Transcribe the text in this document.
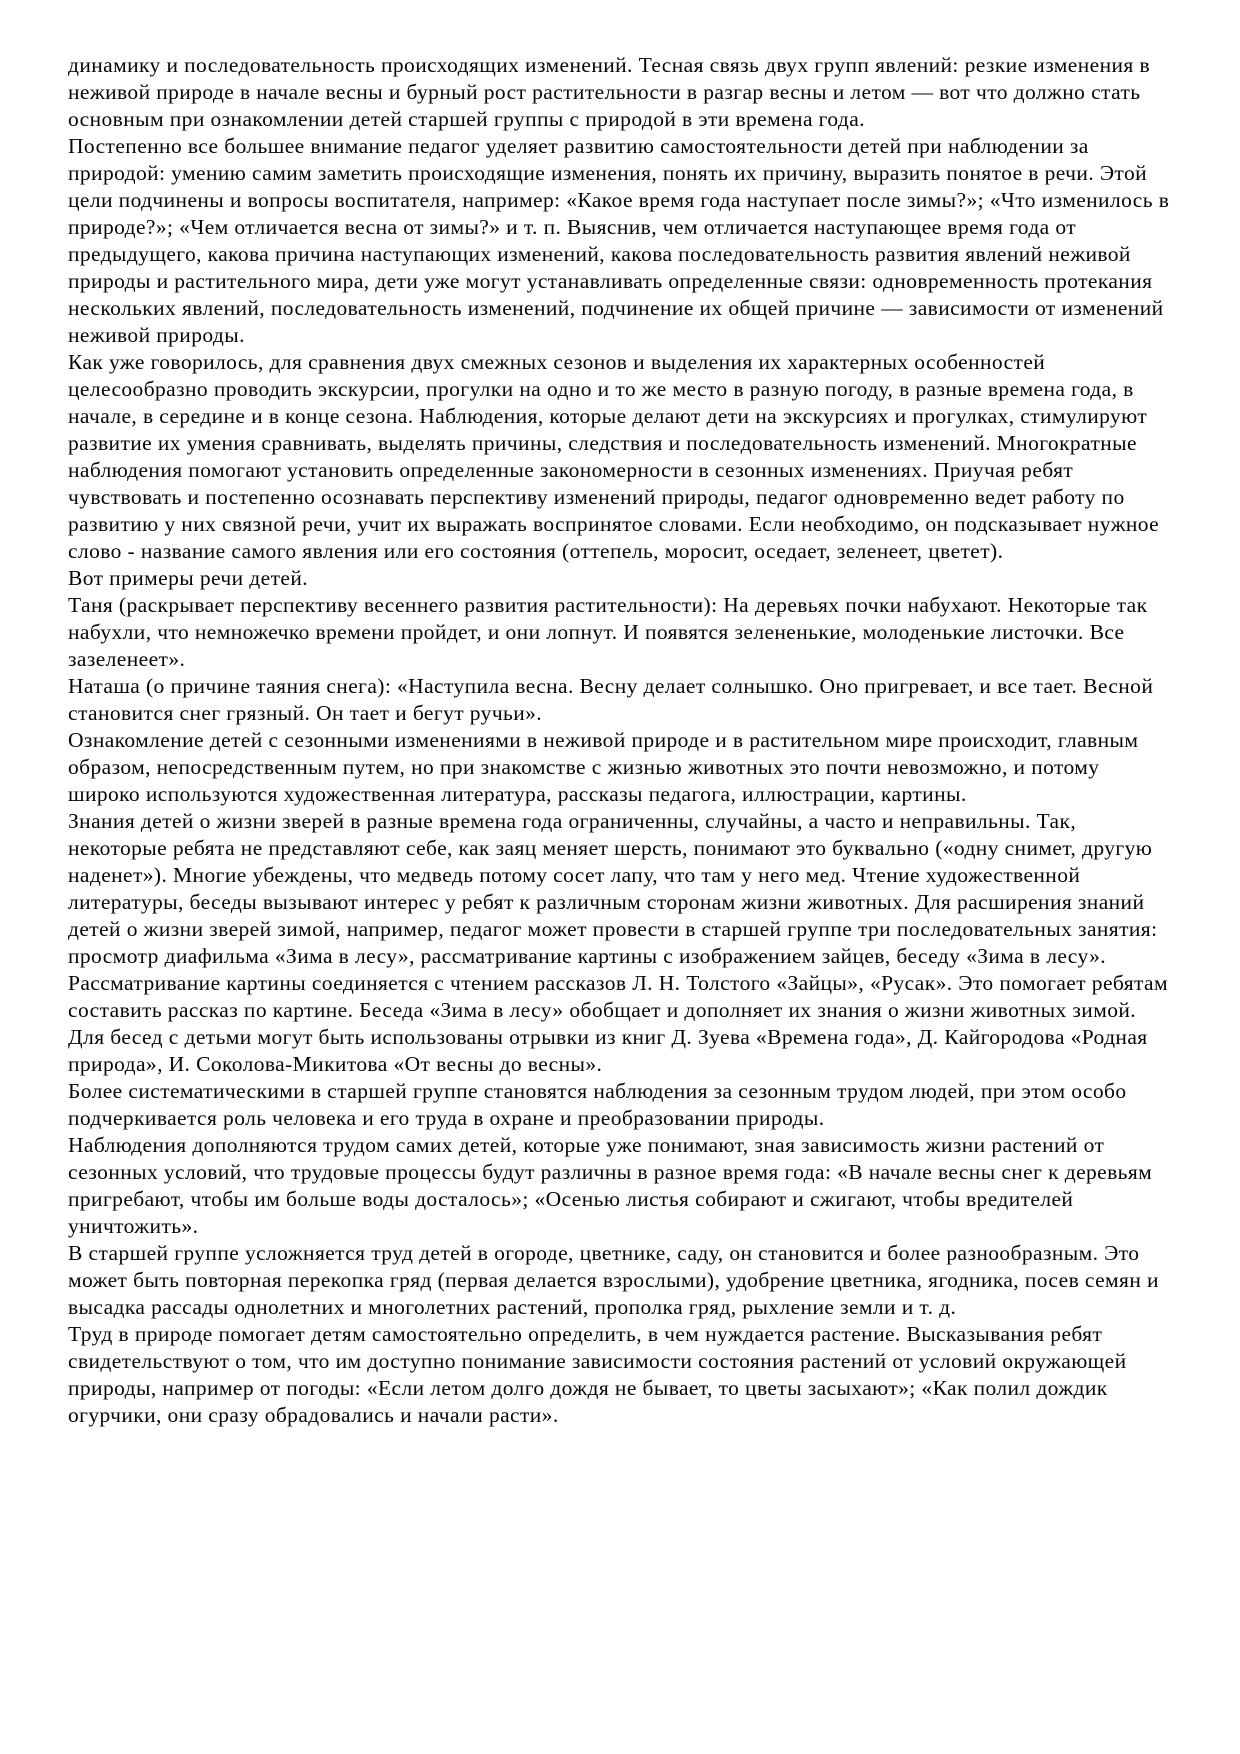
динамику и последовательность происходящих изменений. Тесная связь двух групп явлений: резкие изменения в неживой природе в начале весны и бурный рост растительности в разгар весны и летом — вот что должно стать основным при ознакомлении детей старшей группы с природой в эти времена года.

Постепенно все большее внимание педагог уделяет развитию самостоятельности детей при наблюдении за природой: умению самим заметить происходящие изменения, понять их причину, выразить понятое в речи. Этой цели подчинены и вопросы воспитателя, например: «Какое время года наступает после зимы?»; «Что изменилось в природе?»; «Чем отличается весна от зимы?» и т. п. Выяснив, чем отличается наступающее время года от предыдущего, какова причина наступающих изменений, какова последовательность развития явлений неживой природы и растительного мира, дети уже могут устанавливать определенные связи: одновременность протекания нескольких явлений, последовательность изменений, подчинение их общей причине — зависимости от изменений неживой природы.

Как уже говорилось, для сравнения двух смежных сезонов и выделения их характерных особенностей целесообразно проводить экскурсии, прогулки на одно и то же место в разную погоду, в разные времена года, в начале, в середине и в конце сезона. Наблюдения, которые делают дети на экскурсиях и прогулках, стимулируют развитие их умения сравнивать, выделять причины, следствия и последовательность изменений. Многократные наблюдения помогают установить определенные закономерности в сезонных изменениях. Приучая ребят чувствовать и постепенно осознавать перспективу изменений природы, педагог одновременно ведет работу по развитию у них связной речи, учит их выражать воспринятое словами. Если необходимо, он подсказывает нужное слово - название самого явления или его состояния (оттепель, моросит, оседает, зеленеет, цветет).

Вот примеры речи детей.

Таня (раскрывает перспективу весеннего развития растительности): На деревьях почки набухают. Некоторые так набухли, что немножечко времени пройдет, и они лопнут. И появятся зелененькие, молоденькие листочки. Все зазеленеет».

Наташа (о причине таяния снега): «Наступила весна. Весну делает солнышко. Оно пригревает, и все тает. Весной становится снег грязный. Он тает и бегут ручьи».

Ознакомление детей с сезонными изменениями в неживой природе и в растительном мире происходит, главным образом, непосредственным путем, но при знакомстве с жизнью животных это почти невозможно, и потому широко используются художественная литература, рассказы педагога, иллюстрации, картины.

Знания детей о жизни зверей в разные времена года ограниченны, случайны, а часто и неправильны. Так, некоторые ребята не представляют себе, как заяц меняет шерсть, понимают это буквально («одну снимет, другую наденет»). Многие убеждены, что медведь потому сосет лапу, что там у него мед. Чтение художественной литературы, беседы вызывают интерес у ребят к различным сторонам жизни животных. Для расширения знаний детей о жизни зверей зимой, например, педагог может провести в старшей группе три последовательных занятия: просмотр диафильма «Зима в лесу», рассматривание картины с изображением зайцев, беседу «Зима в лесу». Рассматривание картины соединяется с чтением рассказов Л. Н. Толстого «Зайцы», «Русак». Это помогает ребятам составить рассказ по картине. Беседа «Зима в лесу» обобщает и дополняет их знания о жизни животных зимой.

Для бесед с детьми могут быть использованы отрывки из книг Д. Зуева «Времена года», Д. Кайгородова «Родная природа», И. Соколова-Микитова «От весны до весны».

Более систематическими в старшей группе становятся наблюдения за сезонным трудом людей, при этом особо подчеркивается роль человека и его труда в охране и преобразовании природы.

Наблюдения дополняются трудом самих детей, которые уже понимают, зная зависимость жизни растений от сезонных условий, что трудовые процессы будут различны в разное время года: «В начале весны снег к деревьям пригребают, чтобы им больше воды досталось»; «Осенью листья собирают и сжигают, чтобы вредителей уничтожить».

В старшей группе усложняется труд детей в огороде, цветнике, саду, он становится и более разнообразным. Это может быть повторная перекопка гряд (первая делается взрослыми), удобрение цветника, ягодника, посев семян и высадка рассады однолетних и многолетних растений, прополка гряд, рыхление земли и т. д.

Труд в природе помогает детям самостоятельно определить, в чем нуждается растение. Высказывания ребят свидетельствуют о том, что им доступно понимание зависимости состояния растений от условий окружающей природы, например от погоды: «Если летом долго дождя не бывает, то цветы засыхают»; «Как полил дождик огурчики, они сразу обрадовались и начали расти».
